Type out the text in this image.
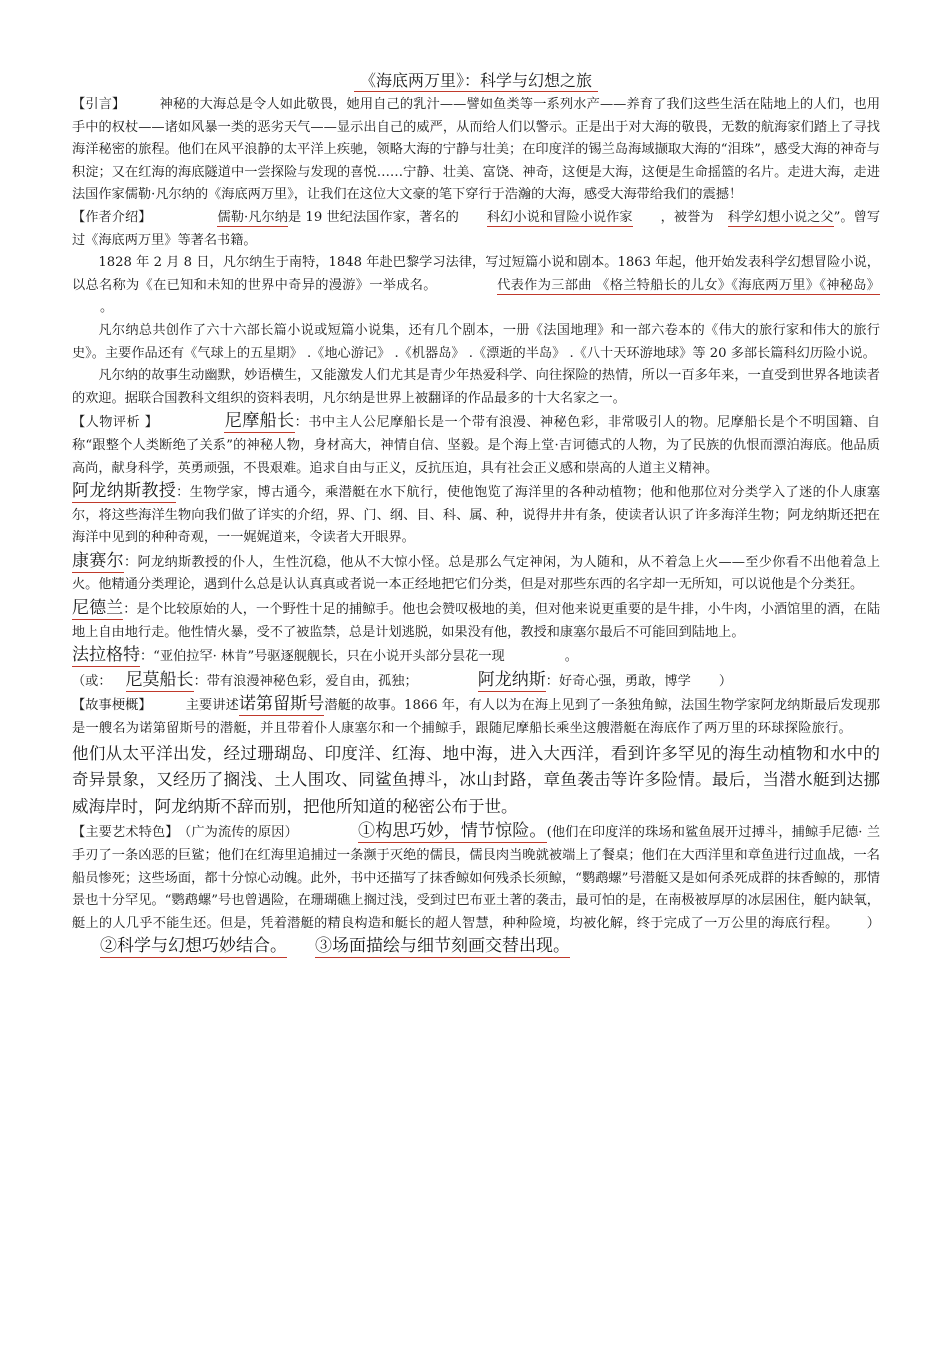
《海底两万里》：科学与幻想之旅

【引言】	神秘的大海总是令人如此敬畏，她用自己的乳汁——譬如鱼类等一系列水产——养育了我们这些生活在陆地上的人们，也用手中的权杖——诸如风暴一类的恶劣天气——显示出自己的威严，从而给人们以警示。正是出于对大海的敬畏，无数的航海家们踏上了寻找海洋秘密的旅程。他们在风平浪静的太平洋上疾驰，领略大海的宁静与壮美；在印度洋的锡兰岛海域撷取大海的“泪珠”，感受大海的神奇与积淀；又在红海的海底隧道中一尝探险与发现的喜悦……宁静、壮美、富饶、神奇，这便是大海，这便是生命摇篮的名片。走进大海，走进法国作家儒勒·凡尔纳的《海底两万里》，让我们在这位大文豪的笔下穿行于浩瀚的大海，感受大海带给我们的震撼！

【作者介绍】	儒勒·凡尔纳是 19 世纪法国作家，著名的 科幻小说和冒险小说作家 ，被誉为 科学幻想小说之父”。曾写过《海底两万里》等著名书籍。

1828 年 2 月 8 日，凡尔纳生于南特，1848 年赴巴黎学习法律，写过短篇小说和剧本。1863 年起，他开始发表科学幻想冒险小说，以总名称为《在已知和未知的世界中奇异的漫游》一举成名。	代表作为三部曲 《格兰特船长的儿女》《海底两万里》《神秘岛》。

凡尔纳总共创作了六十六部长篇小说或短篇小说集，还有几个剧本，一册《法国地理》和一部六卷本的《伟大的旅行家和伟大的旅行史》。主要作品还有《气球上的五星期》 .《地心游记》 .《机器岛》 .《漂逝的半岛》 .《八十天环游地球》等 20 多部长篇科幻历险小说。

凡尔纳的故事生动幽默，妙语横生，又能激发人们尤其是青少年热爱科学、向往探险的热情，所以一百多年来，一直受到世界各地读者的欢迎。据联合国教科文组织的资料表明，凡尔纳是世界上被翻译的作品最多的十大名家之一。

【人物评析 】	尼摩船长：书中主人公尼摩船长是一个带有浪漫、神秘色彩，非常吸引人的物。尼摩船长是个不明国籍、自称“跟整个人类断绝了关系”的神秘人物，身材高大，神情自信、坚毅。是个海上堂·吉诃德式的人物，为了民族的仇恨而漂泊海底。他品质高尚，献身科学，英勇顽强，不畏艰难。追求自由与正义，反抗压迫，具有社会正义感和崇高的人道主义精神。

阿龙纳斯教授：生物学家，博古通今，乘潜艇在水下航行，使他饱览了海洋里的各种动植物；他和他那位对分类学入了迷的仆人康塞尔，将这些海洋生物向我们做了详实的介绍，界、门、纲、目、科、属、种，说得井井有条，使读者认识了许多海洋生物；阿龙纳斯还把在海洋中见到的种种奇观，一一娓娓道来，令读者大开眼界。

康赛尔：阿龙纳斯教授的仆人，生性沉稳，他从不大惊小怪。总是那么气定神闲，为人随和，从不着急上火——至少你看不出他着急上火。他精通分类理论，遇到什么总是认认真真或者说一本正经地把它们分类，但是对那些东西的名字却一无所知，可以说他是个分类狂。

尼德兰：是个比较原始的人，一个野性十足的捕鲸手。他也会赞叹极地的美，但对他来说更重要的是牛排，小牛肉，小酒馆里的酒，在陆地上自由地行走。他性情火暴，受不了被监禁，总是计划逃脱，如果没有他，教授和康塞尔最后不可能回到陆地上。

法拉格特：“亚伯拉罕· 林肯”号驱逐舰舰长，只在小说开头部分昙花一现	。

（或： 尼莫船长：带有浪漫神秘色彩，爱自由，孤独；	阿龙纳斯：好奇心强，勇敢，博学 ）

【故事梗概】	主要讲述诺第留斯号潜艇的故事。1866 年，有人以为在海上见到了一条独角鲸，法国生物学家阿龙纳斯最后发现那是一艘名为诺第留斯号的潜艇，并且带着仆人康塞尔和一个捕鲸手，跟随尼摩船长乘坐这艘潜艇在海底作了两万里的环球探险旅行。他们从太平洋出发，经过珊瑚岛、印度洋、红海、地中海，进入大西洋，看到许多罕见的海生动植物和水中的奇异景象，又经历了搁浅、土人围攻、同鲨鱼搏斗，冰山封路，章鱼袭击等许多险情。最后，当潜水艇到达挪威海岸时，阿龙纳斯不辞而别，把他所知道的秘密公布于世。

【主要艺术特色】 （广为流传的原因）	①构思巧妙，情节惊险。(他们在印度洋的珠场和鲨鱼展开过搏斗，捕鲸手尼德· 兰手刃了一条凶恶的巨鲨；他们在红海里追捕过一条濒于灭绝的儒艮，儒艮肉当晚就被端上了餐桌；他们在大西洋里和章鱼进行过血战，一名船员惨死；这些场面，都十分惊心动魄。此外，书中还描写了抹香鲸如何残杀长须鲸，“鹦鹉螺”号潜艇又是如何杀死成群的抹香鲸的，那情景也十分罕见。“鹦鹉螺”号也曾遇险，在珊瑚礁上搁过浅，受到过巴布亚土著的袭击，最可怕的是，在南极被厚厚的冰层困住，艇内缺氧，艇上的人几乎不能生还。但是，凭着潜艇的精良构造和艇长的超人智慧，种种险境，均被化解，终于完成了一万公里的海底行程。 ）②科学与幻想巧妙结合。 ③场面描绘与细节刻画交替出现。
